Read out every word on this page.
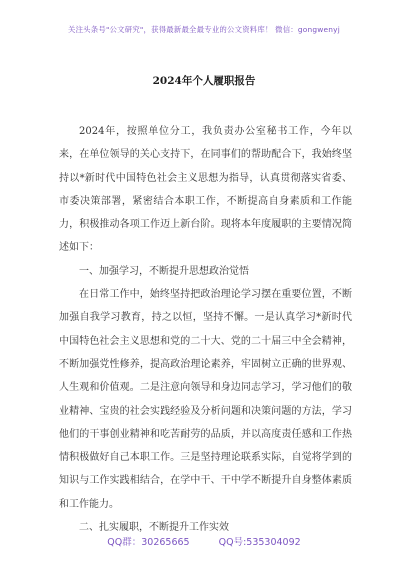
关注头条号"公文研究"，获得最新最全最专业的公文资料库！ 微信：gongwenyj
2024年个人履职报告

2024年，按照单位分工，我负责办公室秘书工作，今年以来，在单位领导的关心支持下，在同事们的帮助配合下，我始终坚持以*新时代中国特色社会主义思想为指导，认真贯彻落实省委、市委决策部署，紧密结合本职工作，不断提高自身素质和工作能力，积极推动各项工作迈上新台阶。现将本年度履职的主要情况简述如下：

一、加强学习，不断提升思想政治觉悟

在日常工作中，始终坚持把政治理论学习摆在重要位置，不断加强自我学习教育，持之以恒，坚持不懈。一是认真学习*新时代中国特色社会主义思想和党的二十大、党的二十届三中全会精神，不断加强党性修养，提高政治理论素养，牢固树立正确的世界观、人生观和价值观。二是注意向领导和身边同志学习，学习他们的敬业精神、宝贵的社会实践经验及分析问题和决策问题的方法，学习他们的干事创业精神和吃苦耐劳的品质，并以高度责任感和工作热情积极做好自己本职工作。三是坚持理论联系实际，自觉将学到的知识与工作实践相结合，在学中干、干中学不断提升自身整体素质和工作能力。

二、扎实履职，不断提升工作实效

QQ群：30265665	QQ号:535304092
